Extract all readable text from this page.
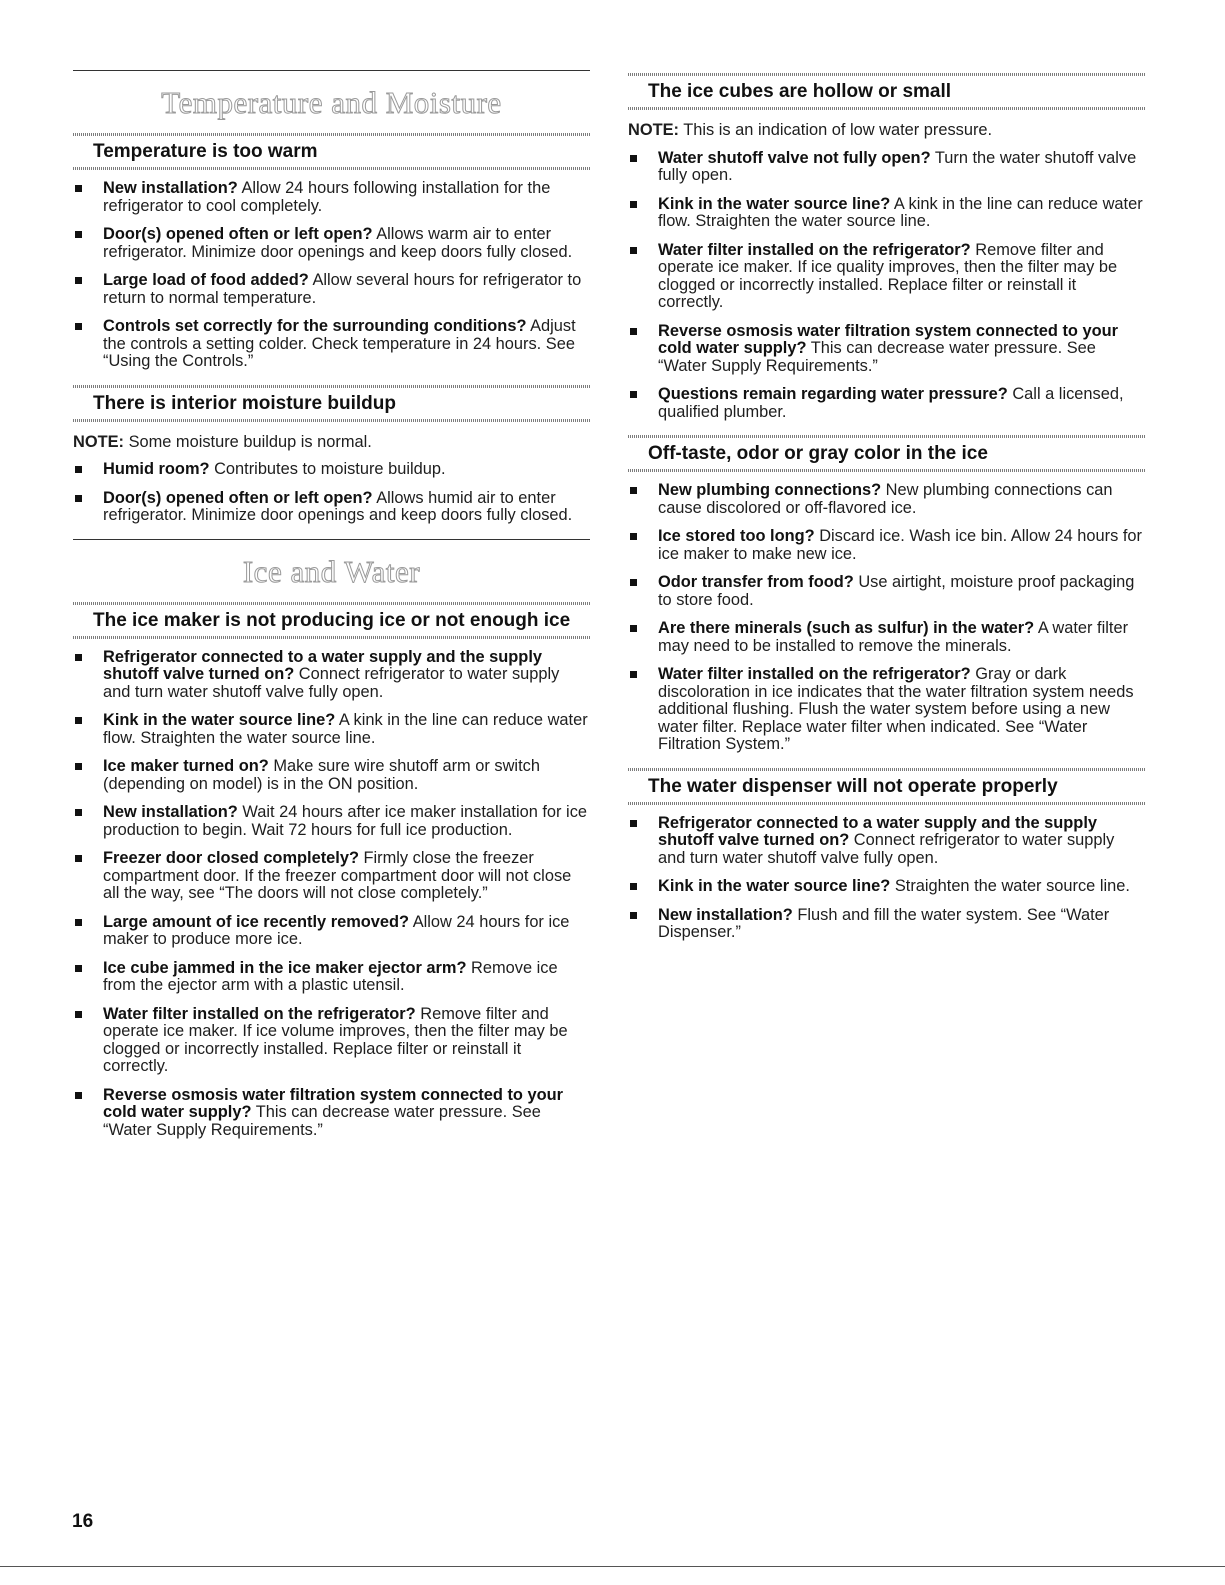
Temperature and Moisture
Temperature is too warm
New installation? Allow 24 hours following installation for the refrigerator to cool completely.
Door(s) opened often or left open? Allows warm air to enter refrigerator. Minimize door openings and keep doors fully closed.
Large load of food added? Allow several hours for refrigerator to return to normal temperature.
Controls set correctly for the surrounding conditions? Adjust the controls a setting colder. Check temperature in 24 hours. See “Using the Controls.”
There is interior moisture buildup
NOTE: Some moisture buildup is normal.
Humid room? Contributes to moisture buildup.
Door(s) opened often or left open? Allows humid air to enter refrigerator. Minimize door openings and keep doors fully closed.
Ice and Water
The ice maker is not producing ice or not enough ice
Refrigerator connected to a water supply and the supply shutoff valve turned on? Connect refrigerator to water supply and turn water shutoff valve fully open.
Kink in the water source line? A kink in the line can reduce water flow. Straighten the water source line.
Ice maker turned on? Make sure wire shutoff arm or switch (depending on model) is in the ON position.
New installation? Wait 24 hours after ice maker installation for ice production to begin. Wait 72 hours for full ice production.
Freezer door closed completely? Firmly close the freezer compartment door. If the freezer compartment door will not close all the way, see “The doors will not close completely.”
Large amount of ice recently removed? Allow 24 hours for ice maker to produce more ice.
Ice cube jammed in the ice maker ejector arm? Remove ice from the ejector arm with a plastic utensil.
Water filter installed on the refrigerator? Remove filter and operate ice maker. If ice volume improves, then the filter may be clogged or incorrectly installed. Replace filter or reinstall it correctly.
Reverse osmosis water filtration system connected to your cold water supply? This can decrease water pressure. See “Water Supply Requirements.”
The ice cubes are hollow or small
NOTE: This is an indication of low water pressure.
Water shutoff valve not fully open? Turn the water shutoff valve fully open.
Kink in the water source line? A kink in the line can reduce water flow. Straighten the water source line.
Water filter installed on the refrigerator? Remove filter and operate ice maker. If ice quality improves, then the filter may be clogged or incorrectly installed. Replace filter or reinstall it correctly.
Reverse osmosis water filtration system connected to your cold water supply? This can decrease water pressure. See “Water Supply Requirements.”
Questions remain regarding water pressure? Call a licensed, qualified plumber.
Off-taste, odor or gray color in the ice
New plumbing connections? New plumbing connections can cause discolored or off-flavored ice.
Ice stored too long? Discard ice. Wash ice bin. Allow 24 hours for ice maker to make new ice.
Odor transfer from food? Use airtight, moisture proof packaging to store food.
Are there minerals (such as sulfur) in the water? A water filter may need to be installed to remove the minerals.
Water filter installed on the refrigerator? Gray or dark discoloration in ice indicates that the water filtration system needs additional flushing. Flush the water system before using a new water filter. Replace water filter when indicated. See “Water Filtration System.”
The water dispenser will not operate properly
Refrigerator connected to a water supply and the supply shutoff valve turned on? Connect refrigerator to water supply and turn water shutoff valve fully open.
Kink in the water source line? Straighten the water source line.
New installation? Flush and fill the water system. See “Water Dispenser.”
16
